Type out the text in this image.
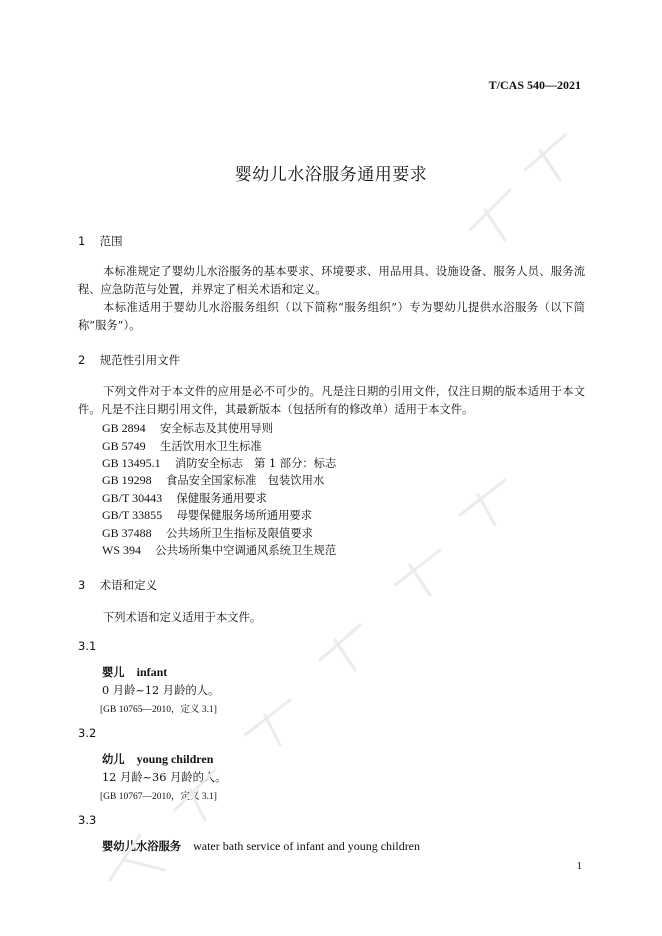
T/CAS 540—2021
婴幼儿水浴服务通用要求
1 范围
本标准规定了婴幼儿水浴服务的基本要求、环境要求、用品用具、设施设备、服务人员、服务流程、应急防范与处置，并界定了相关术语和定义。
本标准适用于婴幼儿水浴服务组织（以下简称“服务组织”）专为婴幼儿提供水浴服务（以下简称“服务”）。
2 规范性引用文件
下列文件对于本文件的应用是必不可少的。凡是注日期的引用文件，仅注日期的版本适用于本文件。凡是不注日期引用文件，其最新版本（包括所有的修改单）适用于本文件。
GB 2894 安全标志及其使用导则
GB 5749 生活饮用水卫生标准
GB 13495.1 消防安全标志　第 1 部分：标志
GB 19298 食品安全国家标准　包装饮用水
GB/T 30443 保健服务通用要求
GB/T 33855 母婴保健服务场所通用要求
GB 37488 公共场所卫生指标及限值要求
WS 394 公共场所集中空调通风系统卫生规范
3 术语和定义
下列术语和定义适用于本文件。
3.1
婴儿 infant
0 月龄~12 月龄的人。
[GB 10765—2010，定义 3.1]
3.2
幼儿 young children
12 月龄~36 月龄的人。
[GB 10767—2010，定义 3.1]
3.3
婴幼儿水浴服务 water bath service of infant and young children
1
